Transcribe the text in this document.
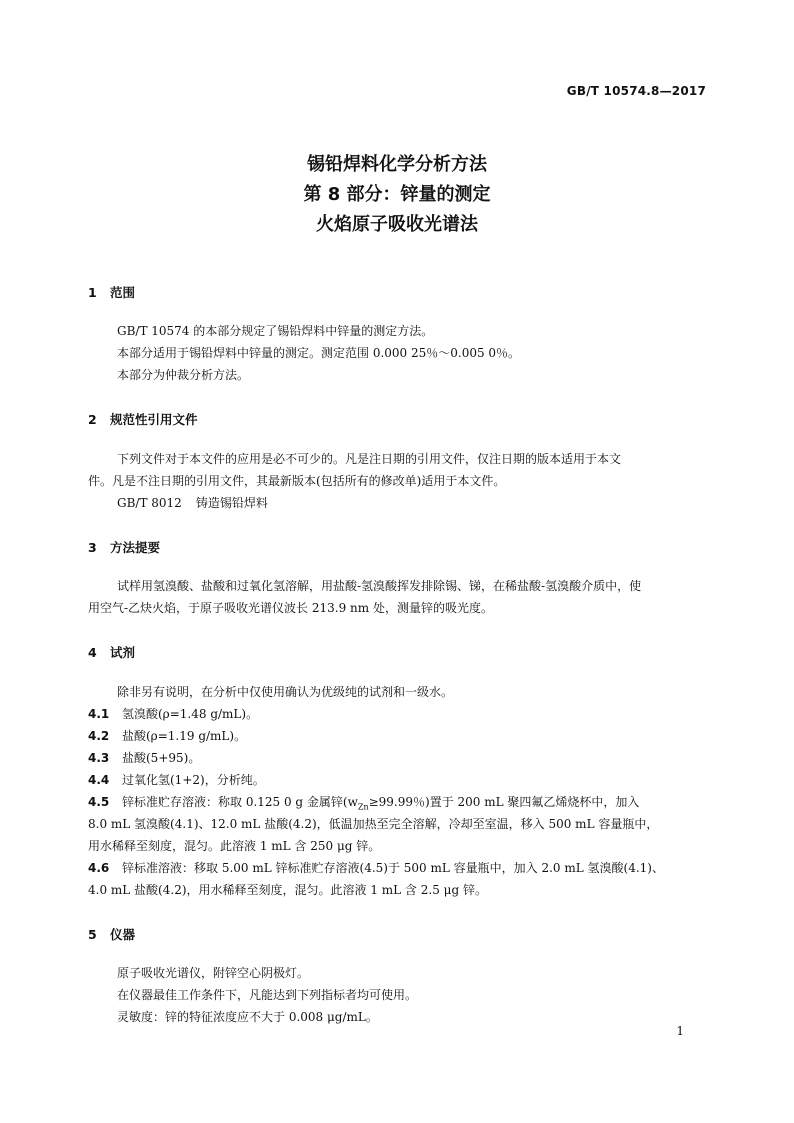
GB/T 10574.8—2017
锡铅焊料化学分析方法
第 8 部分：锌量的测定
火焰原子吸收光谱法
1 范围
GB/T 10574 的本部分规定了锡铅焊料中锌量的测定方法。
本部分适用于锡铅焊料中锌量的测定。测定范围 0.000 25％～0.005 0％。
本部分为仲裁分析方法。
2 规范性引用文件
下列文件对于本文件的应用是必不可少的。凡是注日期的引用文件，仅注日期的版本适用于本文
件。凡是不注日期的引用文件，其最新版本(包括所有的修改单)适用于本文件。
GB/T 8012 铸造锡铅焊料
3 方法提要
试样用氢溴酸、盐酸和过氧化氢溶解，用盐酸-氢溴酸挥发排除锡、锑，在稀盐酸-氢溴酸介质中，使
用空气-乙炔火焰，于原子吸收光谱仪波长 213.9 nm 处，测量锌的吸光度。
4 试剂
除非另有说明，在分析中仅使用确认为优级纯的试剂和一级水。
4.1 氢溴酸(ρ=1.48 g/mL)。
4.2 盐酸(ρ=1.19 g/mL)。
4.3 盐酸(5+95)。
4.4 过氧化氢(1+2)，分析纯。
4.5 锌标准贮存溶液：称取 0.125 0 g 金属锌($w_{Zn}\ge 99.99$％)置于 200 mL 聚四氟乙烯烧杯中，加入
8.0 mL 氢溴酸(4.1)、12.0 mL 盐酸(4.2)，低温加热至完全溶解，冷却至室温，移入 500 mL 容量瓶中，
用水稀释至刻度，混匀。此溶液 1 mL 含 250 μg 锌。
4.6 锌标准溶液：移取 5.00 mL 锌标准贮存溶液(4.5)于 500 mL 容量瓶中，加入 2.0 mL 氢溴酸(4.1)、
4.0 mL 盐酸(4.2)，用水稀释至刻度，混匀。此溶液 1 mL 含 2.5 μg 锌。
5 仪器
原子吸收光谱仪，附锌空心阴极灯。
在仪器最佳工作条件下，凡能达到下列指标者均可使用。
灵敏度：锌的特征浓度应不大于 0.008 μg/mL。
1
